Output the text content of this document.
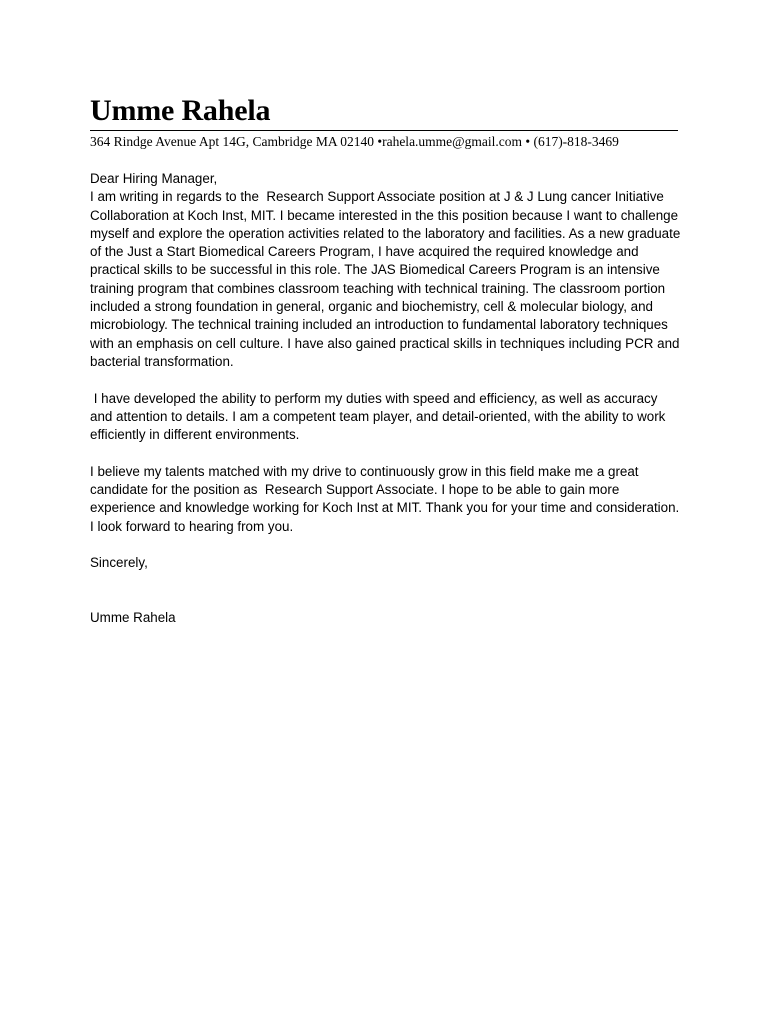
Umme Rahela
364 Rindge Avenue Apt 14G, Cambridge MA 02140 •rahela.umme@gmail.com • (617)-818-3469

Dear Hiring Manager,

I am writing in regards to the  Research Support Associate position at J & J Lung cancer Initiative Collaboration at Koch Inst, MIT. I became interested in the this position because I want to challenge myself and explore the operation activities related to the laboratory and facilities. As a new graduate of the Just a Start Biomedical Careers Program, I have acquired the required knowledge and practical skills to be successful in this role. The JAS Biomedical Careers Program is an intensive training program that combines classroom teaching with technical training. The classroom portion included a strong foundation in general, organic and biochemistry, cell & molecular biology, and microbiology. The technical training included an introduction to fundamental laboratory techniques with an emphasis on cell culture. I have also gained practical skills in techniques including PCR and bacterial transformation.

I have developed the ability to perform my duties with speed and efficiency, as well as accuracy and attention to details. I am a competent team player, and detail-oriented, with the ability to work efficiently in different environments.

I believe my talents matched with my drive to continuously grow in this field make me a great candidate for the position as  Research Support Associate. I hope to be able to gain more experience and knowledge working for Koch Inst at MIT. Thank you for your time and consideration. I look forward to hearing from you.

Sincerely,

Umme Rahela
